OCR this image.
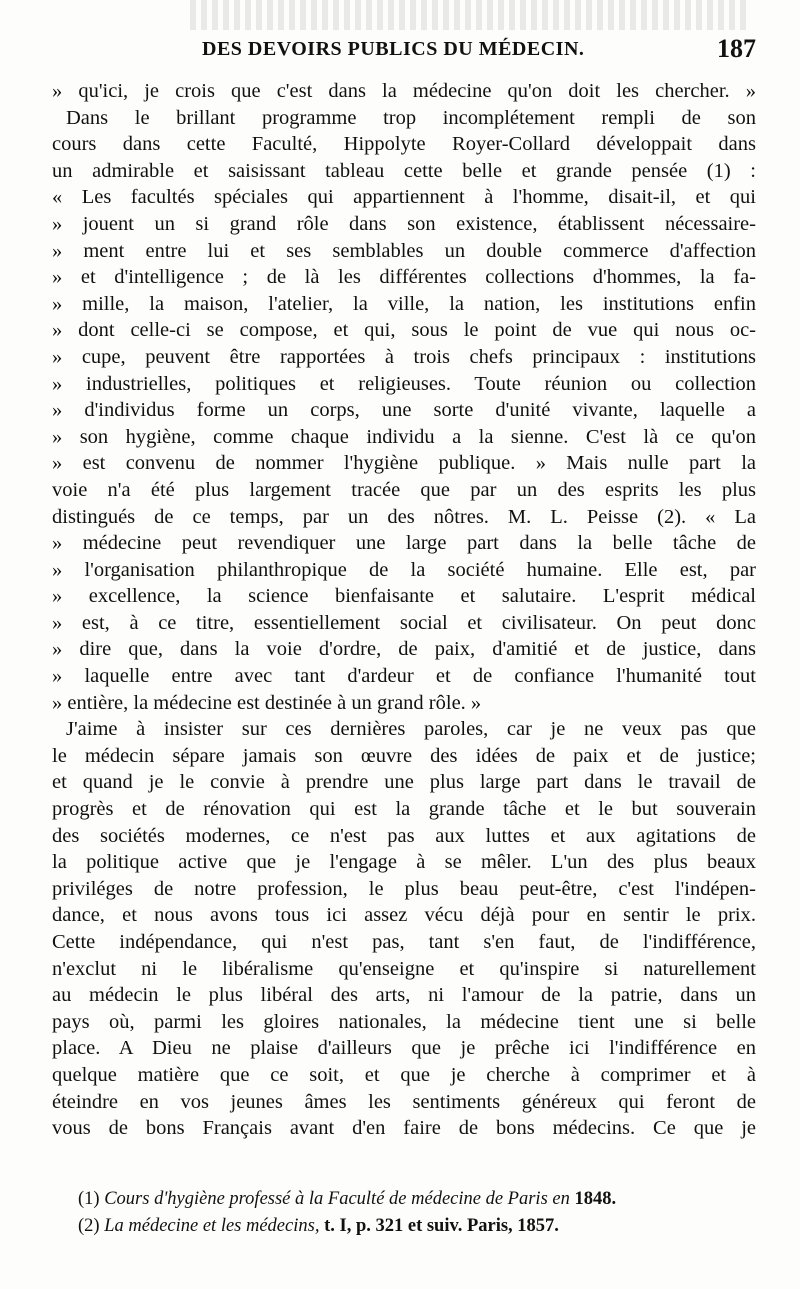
DES DEVOIRS PUBLICS DU MÉDECIN.	187
» qu'ici, je crois que c'est dans la médecine qu'on doit les chercher. »
Dans le brillant programme trop incomplétement rempli de son
cours dans cette Faculté, Hippolyte Royer-Collard développait dans
un admirable et saisissant tableau cette belle et grande pensée (1) :
« Les facultés spéciales qui appartiennent à l'homme, disait-il, et qui
» jouent un si grand rôle dans son existence, établissent nécessaire-
» ment entre lui et ses semblables un double commerce d'affection
» et d'intelligence ; de là les différentes collections d'hommes, la fa-
» mille, la maison, l'atelier, la ville, la nation, les institutions enfin
» dont celle-ci se compose, et qui, sous le point de vue qui nous oc-
» cupe, peuvent être rapportées à trois chefs principaux : institutions
» industrielles, politiques et religieuses. Toute réunion ou collection
» d'individus forme un corps, une sorte d'unité vivante, laquelle a
» son hygiène, comme chaque individu a la sienne. C'est là ce qu'on
» est convenu de nommer l'hygiène publique. » Mais nulle part la
voie n'a été plus largement tracée que par un des esprits les plus
distingués de ce temps, par un des nôtres. M. L. Peisse (2). « La
» médecine peut revendiquer une large part dans la belle tâche de
» l'organisation philanthropique de la société humaine. Elle est, par
» excellence, la science bienfaisante et salutaire. L'esprit médical
» est, à ce titre, essentiellement social et civilisateur. On peut donc
» dire que, dans la voie d'ordre, de paix, d'amitié et de justice, dans
» laquelle entre avec tant d'ardeur et de confiance l'humanité tout
» entière, la médecine est destinée à un grand rôle. »
J'aime à insister sur ces dernières paroles, car je ne veux pas que
le médecin sépare jamais son œuvre des idées de paix et de justice;
et quand je le convie à prendre une plus large part dans le travail de
progrès et de rénovation qui est la grande tâche et le but souverain
des sociétés modernes, ce n'est pas aux luttes et aux agitations de
la politique active que je l'engage à se mêler. L'un des plus beaux
priviléges de notre profession, le plus beau peut-être, c'est l'indépen-
dance, et nous avons tous ici assez vécu déjà pour en sentir le prix.
Cette indépendance, qui n'est pas, tant s'en faut, de l'indifférence,
n'exclut ni le libéralisme qu'enseigne et qu'inspire si naturellement
au médecin le plus libéral des arts, ni l'amour de la patrie, dans un
pays où, parmi les gloires nationales, la médecine tient une si belle
place. A Dieu ne plaise d'ailleurs que je prêche ici l'indifférence en
quelque matière que ce soit, et que je cherche à comprimer et à
éteindre en vos jeunes âmes les sentiments généreux qui feront de
vous de bons Français avant d'en faire de bons médecins. Ce que je
(1) Cours d'hygiène professé à la Faculté de médecine de Paris en 1848.
(2) La médecine et les médecins, t. I, p. 321 et suiv. Paris, 1857.
